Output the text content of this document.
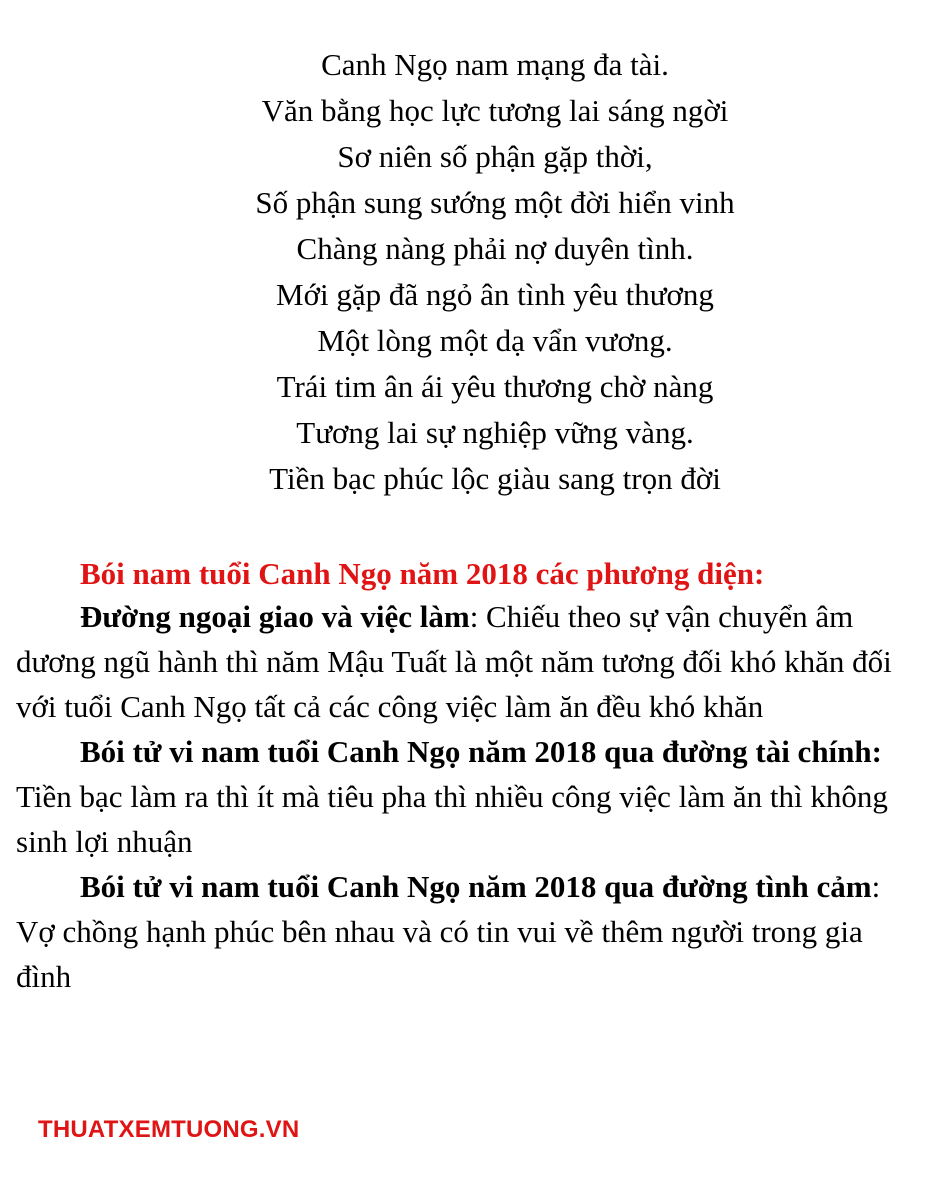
Canh Ngọ nam mạng đa tài.
Văn bằng học lực tương lai sáng ngời
Sơ niên số phận gặp thời,
Số phận sung sướng một đời hiển vinh
Chàng nàng phải nợ duyên tình.
Mới gặp đã ngỏ ân tình yêu thương
Một lòng một dạ vẩn vương.
Trái tim ân ái yêu thương chờ nàng
Tương lai sự nghiệp vững vàng.
Tiền bạc phúc lộc giàu sang trọn đời
Bói nam tuổi Canh Ngọ năm 2018 các phương diện:

Đường ngoại giao và việc làm: Chiếu theo sự vận chuyển âm dương ngũ hành thì năm Mậu Tuất là một năm tương đối khó khăn đối với tuổi Canh Ngọ tất cả các công việc làm ăn đều khó khăn

Bói tử vi nam tuổi Canh Ngọ năm 2018 qua đường tài chính: Tiền bạc làm ra thì ít mà tiêu pha thì nhiều công việc làm ăn thì không sinh lợi nhuận

Bói tử vi nam tuổi Canh Ngọ năm 2018 qua đường tình cảm: Vợ chồng hạnh phúc bên nhau và có tin vui về thêm người trong gia đình

THUATXEMTUONG.VN
